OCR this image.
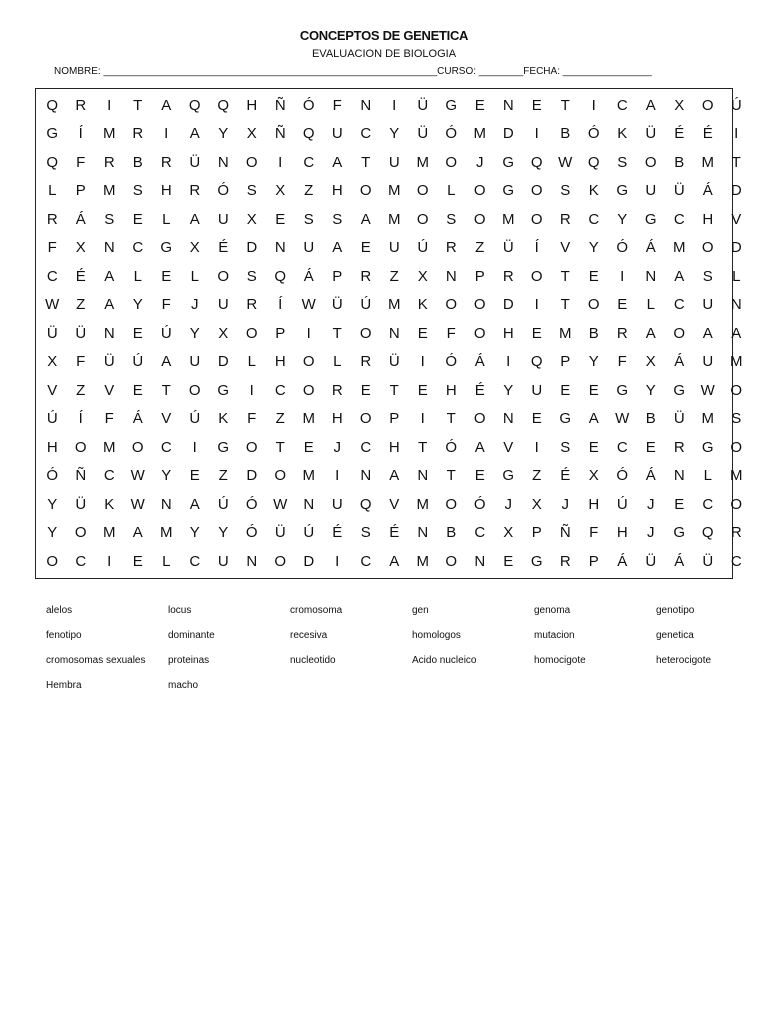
CONCEPTOS DE GENETICA
EVALUACION DE BIOLOGIA
NOMBRE: ____________________________________________________________CURSO: ________FECHA: ________________
Q	R	I	T	A	Q	Q	H	Ñ	Ó	F	N	I	Ü	G	E	N	E	T	I	C	A	X	O	Ú
G	Í	M	R	I	A	Y	X	Ñ	Q	U	C	Y	Ü	Ó	M	D	I	B	Ó	K	Ü	É	É	I
Q	F	R	B	R	Ü	N	O	I	C	A	T	U	M	O	J	G	Q	W	Q	S	O	B	M	T
L	P	M	S	H	R	Ó	S	X	Z	H	O	M	O	L	O	G	O	S	K	G	U	Ü	Á	D
R	Á	S	E	L	A	U	X	E	S	S	A	M	O	S	O	M	O	R	C	Y	G	C	H	V
F	X	N	C	G	X	É	D	N	U	A	E	U	Ú	R	Z	Ü	Í	V	Y	Ó	Á	M	O	D
C	É	A	L	E	L	O	S	Q	Á	P	R	Z	X	N	P	R	O	T	E	I	N	A	S	L
W	Z	A	Y	F	J	U	R	Í	W	Ü	Ú	M	K	O	O	D	I	T	O	E	L	C	U	N
Ü	Ü	N	E	Ú	Y	X	O	P	I	T	O	N	E	F	O	H	E	M	B	R	A	O	A	A
X	F	Ü	Ú	A	U	D	L	H	O	L	R	Ü	I	Ó	Á	I	Q	P	Y	F	X	Á	U	M
V	Z	V	E	T	O	G	I	C	O	R	E	T	E	H	É	Y	U	E	E	G	Y	G	W	O
Ú	Í	F	Á	V	Ú	K	F	Z	M	H	O	P	I	T	O	N	E	G	A	W	B	Ü	M	S
H	O	M	O	C	I	G	O	T	E	J	C	H	T	Ó	A	V	I	S	E	C	E	R	G	O
Ó	Ñ	C	W	Y	E	Z	D	O	M	I	N	A	N	T	E	G	Z	É	X	Ó	Á	N	L	M
Y	Ü	K	W	N	A	Ú	Ó	W	N	U	Q	V	M	O	Ó	J	X	J	H	Ú	J	E	C	O
Y	O	M	A	M	Y	Y	Ó	Ü	Ú	É	S	É	N	B	C	X	P	Ñ	F	H	J	G	Q	R
O	C	I	E	L	C	U	N	O	D	I	C	A	M	O	N	E	G	R	P	Á	Ü	Á	Ü	C
alelos	locus	cromosoma	gen	genoma	genotipo
fenotipo	dominante	recesiva	homologos	mutacion	genetica
cromosomas sexuales	proteinas	nucleotido	Acido nucleico	homocigote	heterocigote
Hembra	macho
